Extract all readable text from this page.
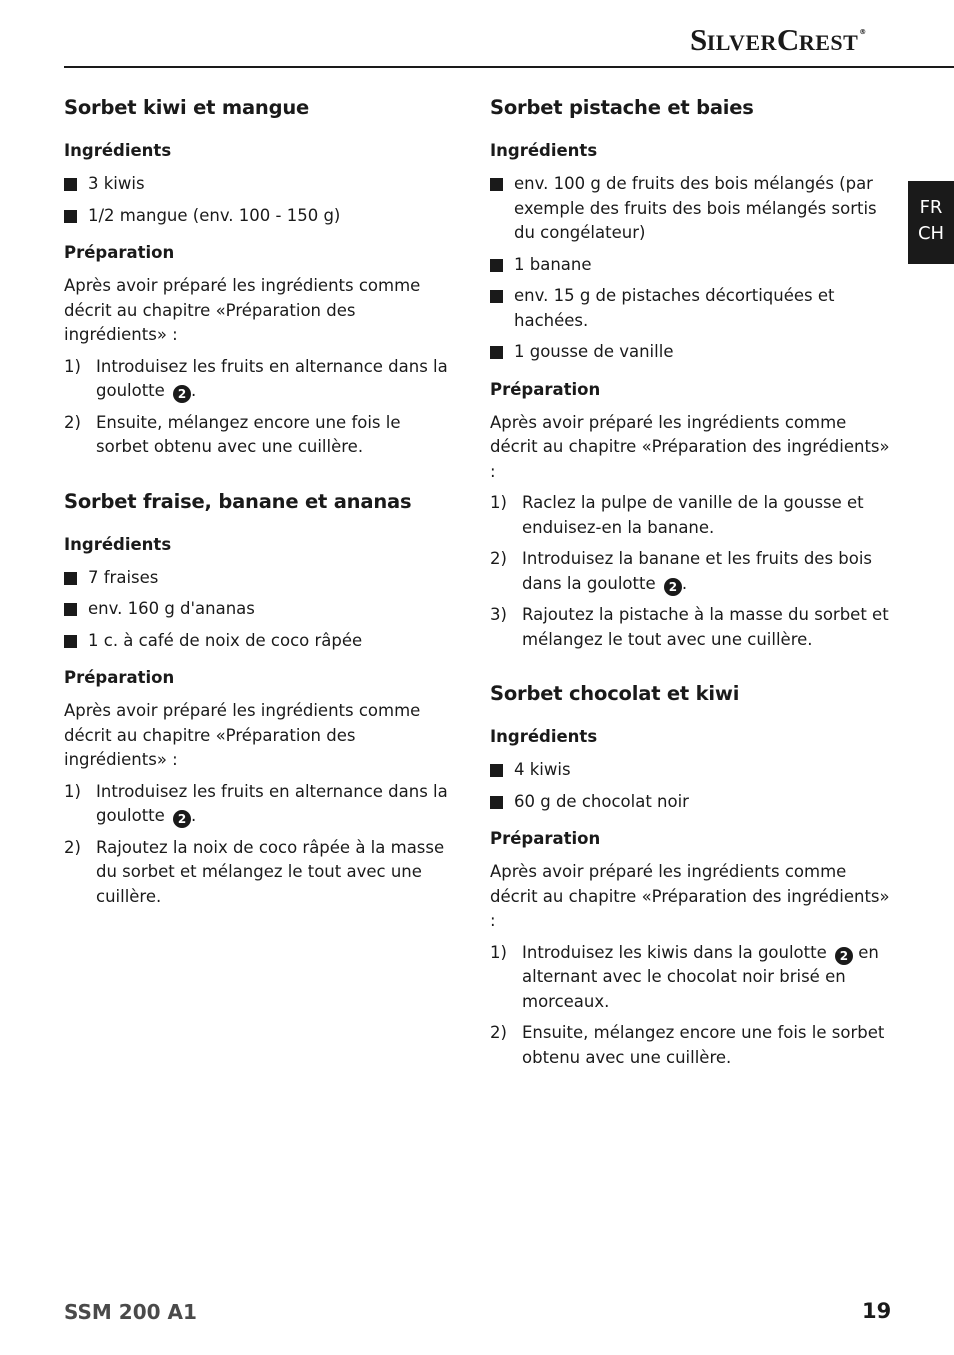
SILVERCREST®
FR
CH
Sorbet kiwi et mangue
Ingrédients
3 kiwis
1/2 mangue (env. 100 - 150 g)
Préparation

Après avoir préparé les ingrédients comme décrit au chapitre «Préparation des ingrédients» :

1) Introduisez les fruits en alternance dans la goulotte 2 .
2) Ensuite, mélangez encore une fois le sorbet obtenu avec une cuillère.
Sorbet fraise, banane et ananas
Ingrédients
7 fraises
env. 160 g d'ananas
1 c. à café de noix de coco râpée
Préparation

Après avoir préparé les ingrédients comme décrit au chapitre «Préparation des ingrédients» :

1) Introduisez les fruits en alternance dans la goulotte 2 .
2) Rajoutez la noix de coco râpée à la masse du sorbet et mélangez le tout avec une cuillère.
Sorbet pistache et baies
Ingrédients
env. 100 g de fruits des bois mélangés (par exemple des fruits des bois mélangés sortis du congélateur)
1 banane
env. 15 g de pistaches décortiquées et hachées.
1 gousse de vanille
Préparation

Après avoir préparé les ingrédients comme décrit au chapitre «Préparation des ingrédients» :

1) Raclez la pulpe de vanille de la gousse et enduisez-en la banane.
2) Introduisez la banane et les fruits des bois dans la goulotte 2 .
3) Rajoutez la pistache à la masse du sorbet et mélangez le tout avec une cuillère.
Sorbet chocolat et kiwi
Ingrédients
4 kiwis
60 g de chocolat noir
Préparation

Après avoir préparé les ingrédients comme décrit au chapitre «Préparation des ingrédients» :

1) Introduisez les kiwis dans la goulotte 2 en alternant avec le chocolat noir brisé en morceaux.
2) Ensuite, mélangez encore une fois le sorbet obtenu avec une cuillère.
SSM 200 A1	19
